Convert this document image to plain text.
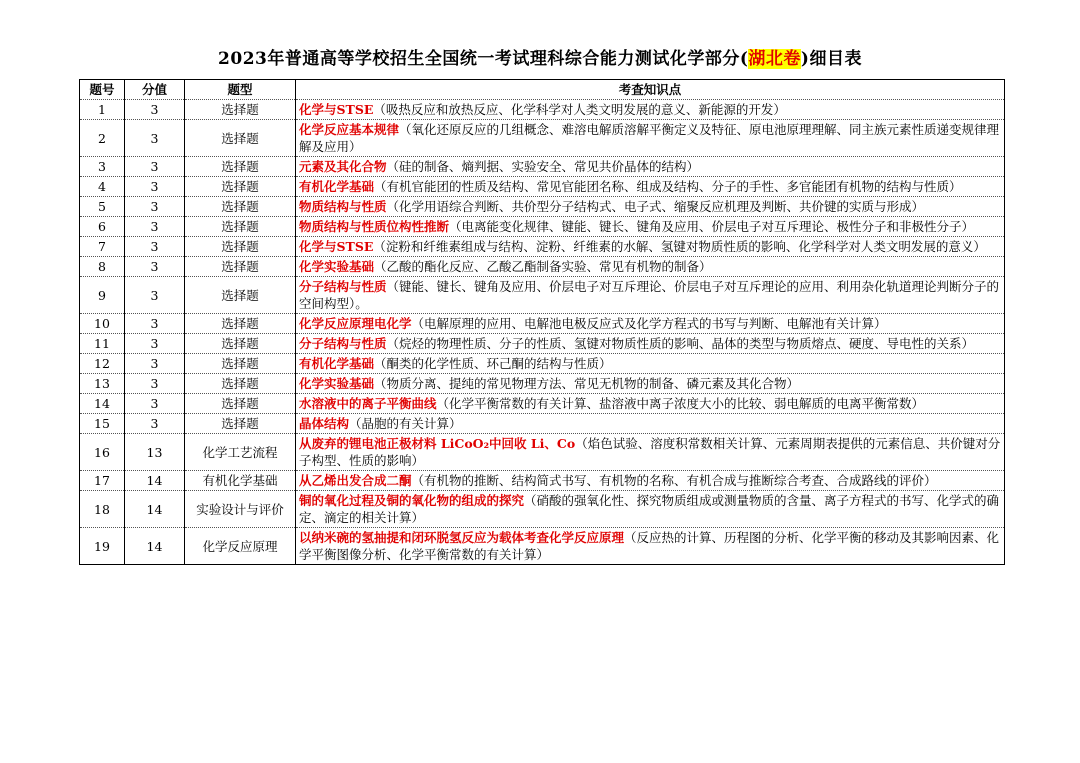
2023年普通高等学校招生全国统一考试理科综合能力测试化学部分(湖北卷)细目表
题号	分值	题型	考查知识点
1	3	选择题	化学与STSE（吸热反应和放热反应、化学科学对人类文明发展的意义、新能源的开发）
2	3	选择题	化学反应基本规律（氧化还原反应的几组概念、难溶电解质溶解平衡定义及特征、原电池原理理解、同主族元素性质递变规律理解及应用）
3	3	选择题	元素及其化合物（硅的制备、熵判据、实验安全、常见共价晶体的结构）
4	3	选择题	有机化学基础（有机官能团的性质及结构、常见官能团名称、组成及结构、分子的手性、多官能团有机物的结构与性质）
5	3	选择题	物质结构与性质（化学用语综合判断、共价型分子结构式、电子式、缩聚反应机理及判断、共价键的实质与形成）
6	3	选择题	物质结构与性质位构性推断（电离能变化规律、键能、键长、键角及应用、价层电子对互斥理论、极性分子和非极性分子）
7	3	选择题	化学与STSE（淀粉和纤维素组成与结构、淀粉、纤维素的水解、氢键对物质性质的影响、化学科学对人类文明发展的意义）
8	3	选择题	化学实验基础（乙酸的酯化反应、乙酸乙酯制备实验、常见有机物的制备）
9	3	选择题	分子结构与性质（键能、键长、键角及应用、价层电子对互斥理论、价层电子对互斥理论的应用、利用杂化轨道理论判断分子的空间构型）。
10	3	选择题	化学反应原理电化学（电解原理的应用、电解池电极反应式及化学方程式的书写与判断、电解池有关计算）
11	3	选择题	分子结构与性质（烷烃的物理性质、分子的性质、氢键对物质性质的影响、晶体的类型与物质熔点、硬度、导电性的关系）
12	3	选择题	有机化学基础（酮类的化学性质、环己酮的结构与性质）
13	3	选择题	化学实验基础（物质分离、提纯的常见物理方法、常见无机物的制备、磷元素及其化合物）
14	3	选择题	水溶液中的离子平衡曲线（化学平衡常数的有关计算、盐溶液中离子浓度大小的比较、弱电解质的电离平衡常数）
15	3	选择题	晶体结构（晶胞的有关计算）
16	13	化学工艺流程	从废弃的锂电池正极材料 LiCoO₂中回收 Li、Co（焰色试验、溶度积常数相关计算、元素周期表提供的元素信息、共价键对分子构型、性质的影响）
17	14	有机化学基础	从乙烯出发合成二酮（有机物的推断、结构简式书写、有机物的名称、有机合成与推断综合考查、合成路线的评价）
18	14	实验设计与评价	铜的氧化过程及铜的氧化物的组成的探究（硝酸的强氧化性、探究物质组成或测量物质的含量、离子方程式的书写、化学式的确定、滴定的相关计算）
19	14	化学反应原理	以纳米碗的氢抽提和闭环脱氢反应为载体考查化学反应原理（反应热的计算、历程图的分析、化学平衡的移动及其影响因素、化学平衡图像分析、化学平衡常数的有关计算）
